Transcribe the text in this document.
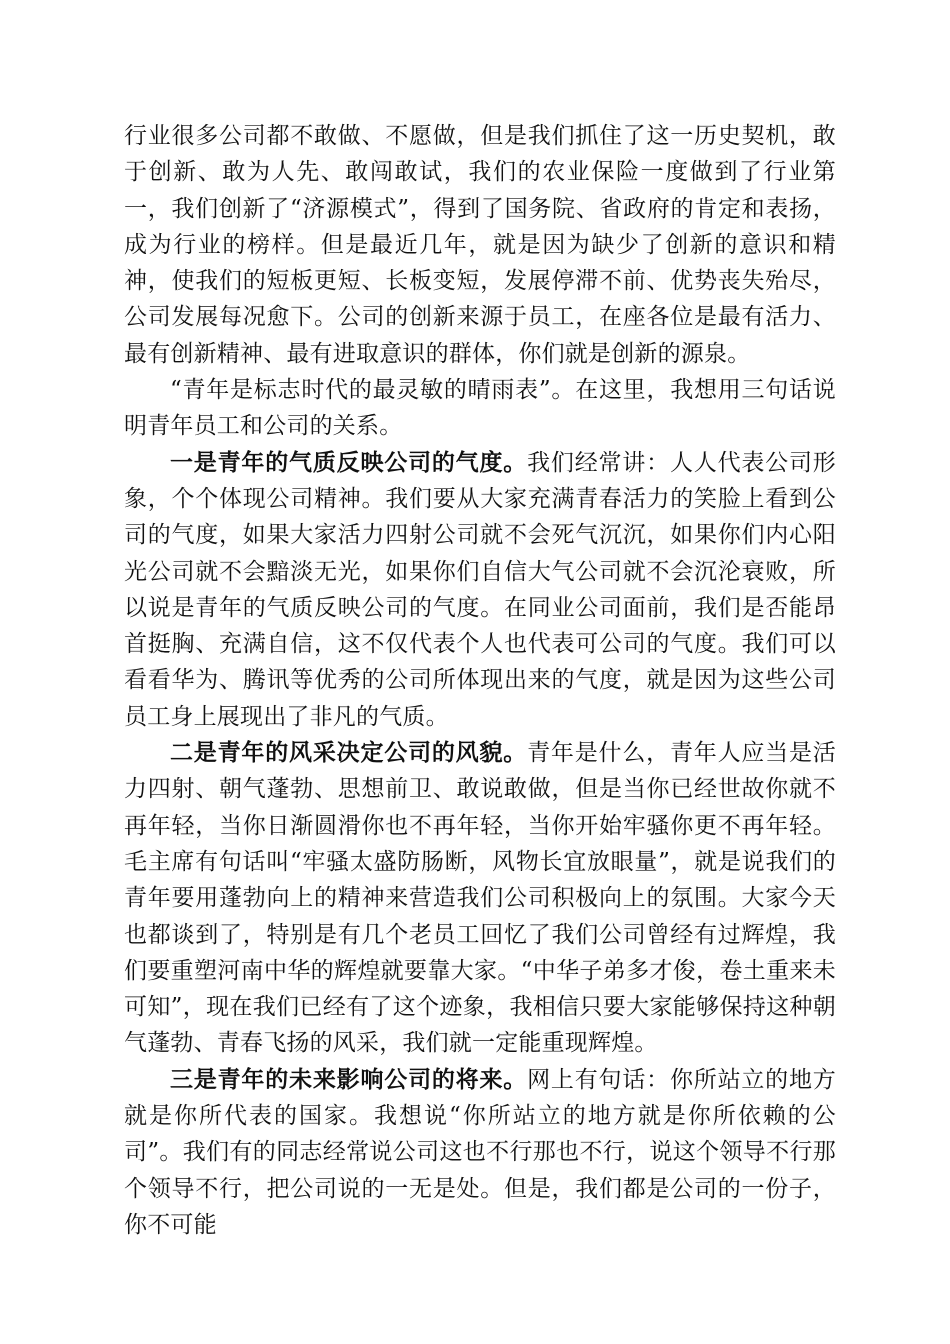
行业很多公司都不敢做、不愿做，但是我们抓住了这一历史契机，敢于创新、敢为人先、敢闯敢试，我们的农业保险一度做到了行业第一，我们创新了“济源模式”，得到了国务院、省政府的肯定和表扬，成为行业的榜样。但是最近几年，就是因为缺少了创新的意识和精神，使我们的短板更短、长板变短，发展停滞不前、优势丧失殆尽，公司发展每况愈下。公司的创新来源于员工，在座各位是最有活力、最有创新精神、最有进取意识的群体，你们就是创新的源泉。

“青年是标志时代的最灵敏的晴雨表”。在这里，我想用三句话说明青年员工和公司的关系。

一是青年的气质反映公司的气度。我们经常讲：人人代表公司形象，个个体现公司精神。我们要从大家充满青春活力的笑脸上看到公司的气度，如果大家活力四射公司就不会死气沉沉，如果你们内心阳光公司就不会黯淡无光，如果你们自信大气公司就不会沉沦衰败，所以说是青年的气质反映公司的气度。在同业公司面前，我们是否能昂首挺胸、充满自信，这不仅代表个人也代表可公司的气度。我们可以看看华为、腾讯等优秀的公司所体现出来的气度，就是因为这些公司员工身上展现出了非凡的气质。

二是青年的风采决定公司的风貌。青年是什么，青年人应当是活力四射、朝气蓬勃、思想前卫、敢说敢做，但是当你已经世故你就不再年轻，当你日渐圆滑你也不再年轻，当你开始牢骚你更不再年轻。毛主席有句话叫“牢骚太盛防肠断，风物长宜放眼量”，就是说我们的青年要用蓬勃向上的精神来营造我们公司积极向上的氛围。大家今天也都谈到了，特别是有几个老员工回忆了我们公司曾经有过辉煌，我们要重塑河南中华的辉煌就要靠大家。“中华子弟多才俊，卷土重来未可知”，现在我们已经有了这个迹象，我相信只要大家能够保持这种朝气蓬勃、青春飞扬的风采，我们就一定能重现辉煌。

三是青年的未来影响公司的将来。网上有句话：你所站立的地方就是你所代表的国家。我想说“你所站立的地方就是你所依赖的公司”。我们有的同志经常说公司这也不行那也不行，说这个领导不行那个领导不行，把公司说的一无是处。但是，我们都是公司的一份子，你不可能
